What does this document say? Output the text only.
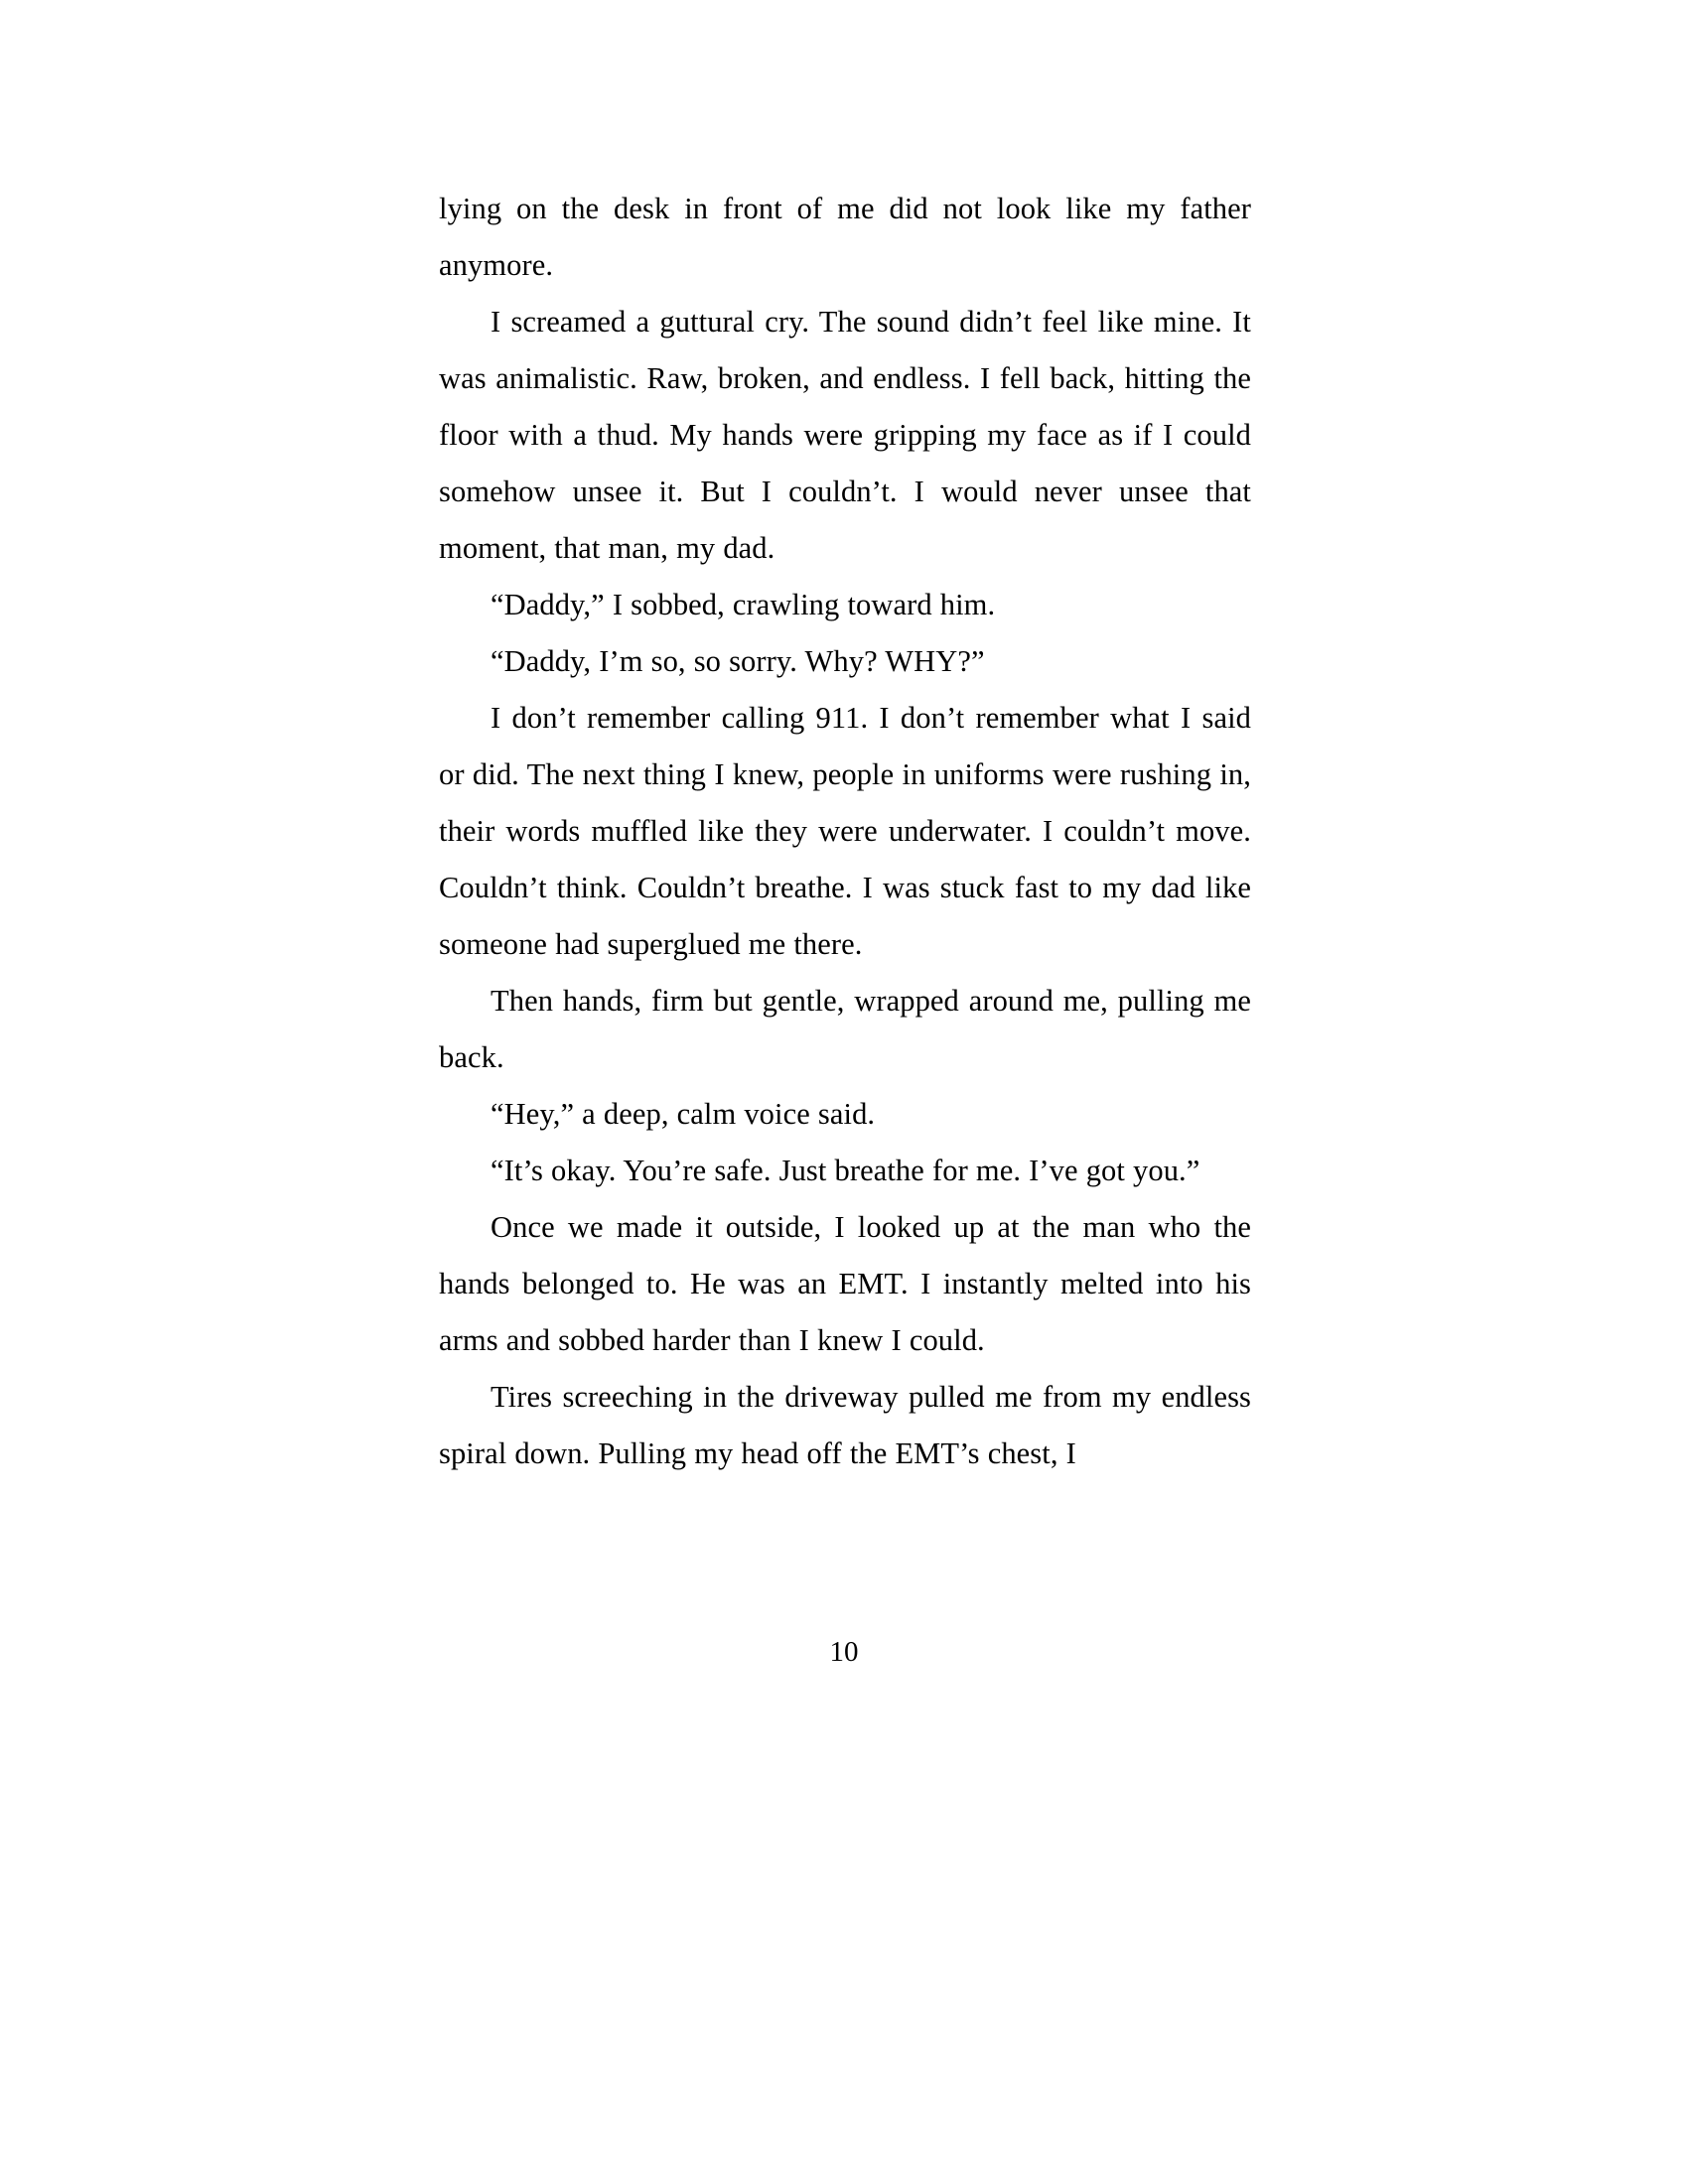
lying on the desk in front of me did not look like my father anymore.

I screamed a guttural cry. The sound didn’t feel like mine. It was animalistic. Raw, broken, and endless. I fell back, hitting the floor with a thud. My hands were gripping my face as if I could somehow unsee it. But I couldn’t. I would never unsee that moment, that man, my dad.

“Daddy,” I sobbed, crawling toward him.

“Daddy, I’m so, so sorry. Why? WHY?”

I don’t remember calling 911. I don’t remember what I said or did. The next thing I knew, people in uniforms were rushing in, their words muffled like they were underwater. I couldn’t move. Couldn’t think. Couldn’t breathe. I was stuck fast to my dad like someone had superglued me there.

Then hands, firm but gentle, wrapped around me, pulling me back.

“Hey,” a deep, calm voice said.

“It’s okay. You’re safe. Just breathe for me. I’ve got you.”

Once we made it outside, I looked up at the man who the hands belonged to. He was an EMT. I instantly melted into his arms and sobbed harder than I knew I could.

Tires screeching in the driveway pulled me from my endless spiral down. Pulling my head off the EMT’s chest, I

10
